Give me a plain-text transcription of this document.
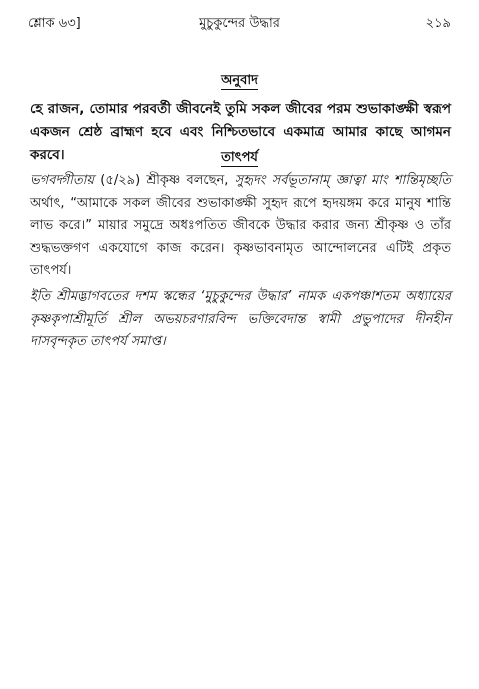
শ্লোক ৬৩]	মুচুকুন্দের উদ্ধার	২১৯
অনুবাদ
হে রাজন, তোমার পরবর্তী জীবনেই তুমি সকল জীবের পরম শুভাকাঙ্ক্ষী স্বরূপ একজন শ্রেষ্ঠ ব্রাহ্মণ হবে এবং নিশ্চিতভাবে একমাত্র আমার কাছে আগমন করবে।	তাৎপর্য
ভগবদ্গীতায় (৫/২৯) শ্রীকৃষ্ণ বলছেন, সুহৃদং সর্বভূতানাম্ জ্ঞাত্বা মাং শান্তিমৃচ্ছতি অর্থাৎ, “আমাকে সকল জীবের শুভাকাঙ্ক্ষী সুহৃদ রূপে হৃদয়ঙ্গম করে মানুষ শান্তি লাভ করে।” মায়ার সমুদ্রে অধঃপতিত জীবকে উদ্ধার করার জন্য শ্রীকৃষ্ণ ও তাঁর শুদ্ধভক্তগণ একযোগে কাজ করেন। কৃষ্ণভাবনামৃত আন্দোলনের এটিই প্রকৃত তাৎপর্য।
ইতি শ্রীমদ্ভাগবতের দশম স্কন্ধের ‘মুচুকুন্দের উদ্ধার’ নামক একপঞ্চাশতম অধ্যায়ের কৃষ্ণকৃপাশ্রীমূর্তি শ্রীল অভয়চরণারবিন্দ ভক্তিবেদান্ত স্বামী প্রভুপাদের দীনহীন দাসবৃন্দকৃত তাৎপর্য সমাপ্ত।
